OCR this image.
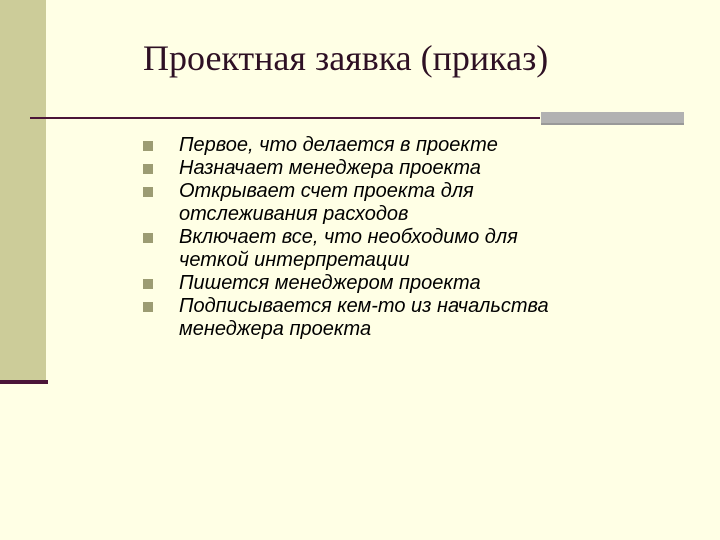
Проектная заявка (приказ)
Первое, что делается в проекте
Назначает менеджера проекта
Открывает счет проекта для
отслеживания расходов
Включает все, что необходимо для
четкой интерпретации
Пишется менеджером проекта
Подписывается кем-то из начальства
менеджера проекта
